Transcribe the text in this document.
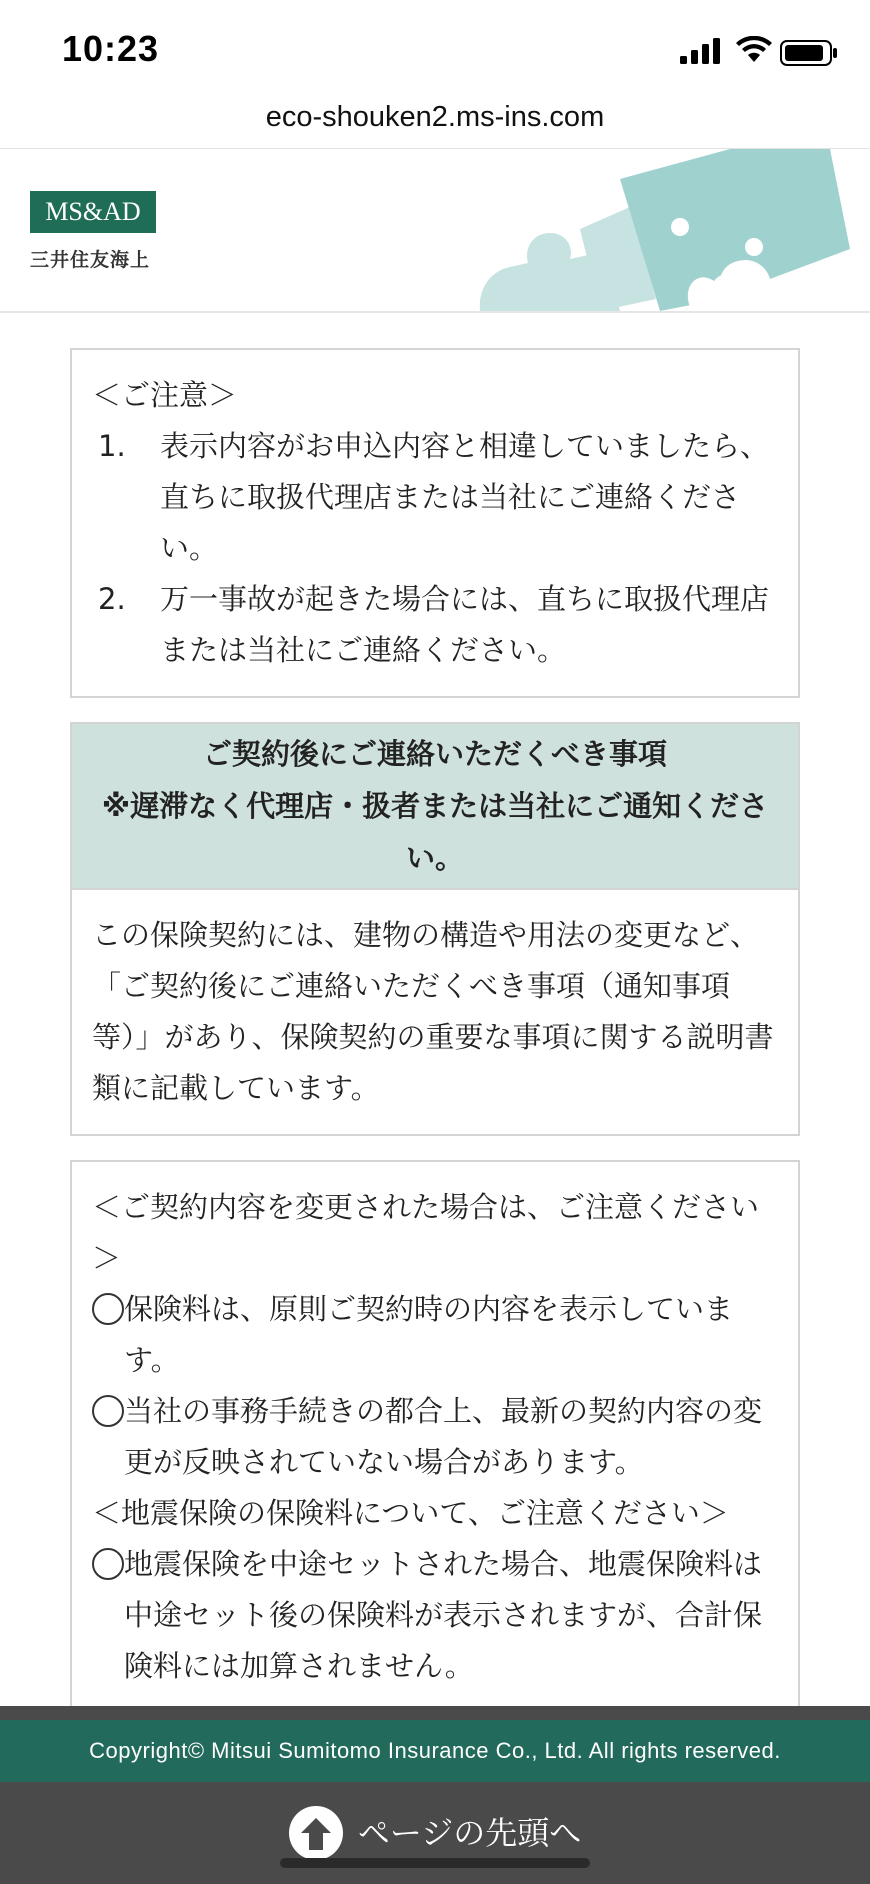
10:23
eco-shouken2.ms-ins.com
MS&AD
三井住友海上
＜ご注意＞
1.	表示内容がお申込内容と相違していましたら、直ちに取扱代理店または当社にご連絡ください。
2.	万一事故が起きた場合には、直ちに取扱代理店または当社にご連絡ください。
ご契約後にご連絡いただくべき事項
※遅滞なく代理店・扱者または当社にご通知ください。
この保険契約には、建物の構造や用法の変更など、「ご契約後にご連絡いただくべき事項（通知事項等）」があり、保険契約の重要な事項に関する説明書類に記載しています。
＜ご契約内容を変更された場合は、ご注意ください＞
保険料は、原則ご契約時の内容を表示しています。
当社の事務手続きの都合上、最新の契約内容の変更が反映されていない場合があります。
＜地震保険の保険料について、ご注意ください＞
地震保険を中途セットされた場合、地震保険料は中途セット後の保険料が表示されますが、合計保険料には加算されません。
Copyright© Mitsui Sumitomo Insurance Co., Ltd. All rights reserved.
ページの先頭へ
